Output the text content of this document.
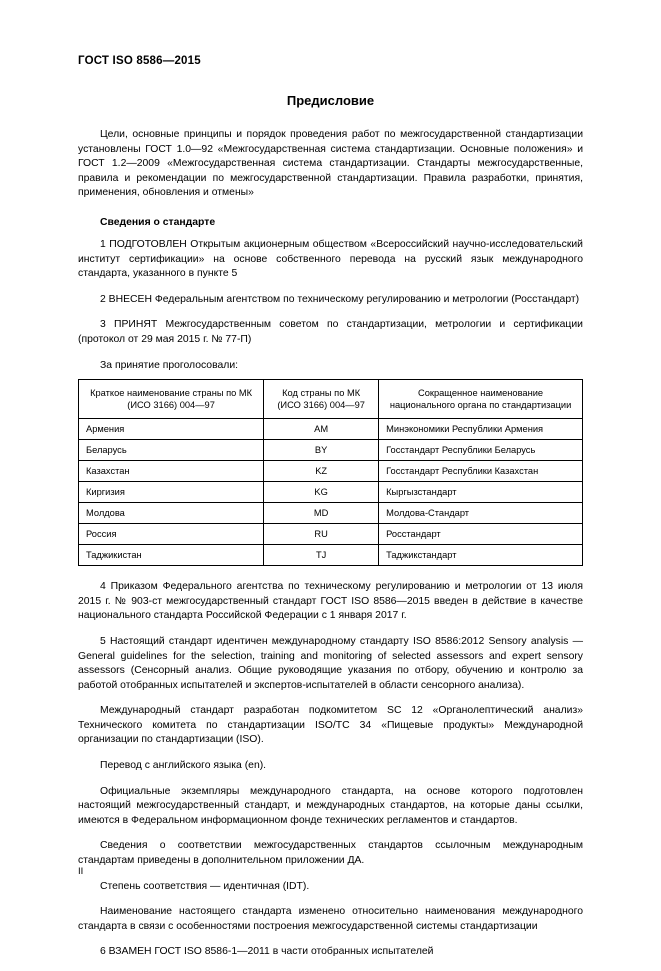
ГОСТ ISO 8586—2015
Предисловие

Цели, основные принципы и порядок проведения работ по межгосударственной стандартизации установлены ГОСТ 1.0—92 «Межгосударственная система стандартизации. Основные положения» и ГОСТ 1.2—2009 «Межгосударственная система стандартизации. Стандарты межгосударственные, правила и рекомендации по межгосударственной стандартизации. Правила разработки, принятия, применения, обновления и отмены»

Сведения о стандарте

1 ПОДГОТОВЛЕН Открытым акционерным обществом «Всероссийский научно-исследовательский институт сертификации» на основе собственного перевода на русский язык международного стандарта, указанного в пункте 5

2 ВНЕСЕН Федеральным агентством по техническому регулированию и метрологии (Росстандарт)

3 ПРИНЯТ Межгосударственным советом по стандартизации, метрологии и сертификации (протокол от 29 мая 2015 г. № 77-П)

За принятие проголосовали:
Краткое наименование страны по МК (ИСО 3166) 004—97	Код страны по МК (ИСО 3166) 004—97	Сокращенное наименование национального органа по стандартизации
Армения	AM	Минэкономики Республики Армения
Беларусь	BY	Госстандарт Республики Беларусь
Казахстан	KZ	Госстандарт Республики Казахстан
Киргизия	KG	Кыргызстандарт
Молдова	MD	Молдова-Стандарт
Россия	RU	Росстандарт
Таджикистан	TJ	Таджикстандарт

4 Приказом Федерального агентства по техническому регулированию и метрологии от 13 июля 2015 г. № 903-ст межгосударственный стандарт ГОСТ ISO 8586—2015 введен в действие в качестве национального стандарта Российской Федерации с 1 января 2017 г.

5 Настоящий стандарт идентичен международному стандарту ISO 8586:2012 Sensory analysis — General guidelines for the selection, training and monitoring of selected assessors and expert sensory assessors (Сенсорный анализ. Общие руководящие указания по отбору, обучению и контролю за работой отобранных испытателей и экспертов-испытателей в области сенсорного анализа).

Международный стандарт разработан подкомитетом SC 12 «Органолептический анализ» Технического комитета по стандартизации ISO/ТС 34 «Пищевые продукты» Международной организации по стандартизации (ISO).

Перевод с английского языка (en).

Официальные экземпляры международного стандарта, на основе которого подготовлен настоящий межгосударственный стандарт, и международных стандартов, на которые даны ссылки, имеются в Федеральном информационном фонде технических регламентов и стандартов.

Сведения о соответствии межгосударственных стандартов ссылочным международным стандартам приведены в дополнительном приложении ДА.

Степень соответствия — идентичная (IDT).

Наименование настоящего стандарта изменено относительно наименования международного стандарта в связи с особенностями построения межгосударственной системы стандартизации

6 ВЗАМЕН ГОСТ ISO 8586-1—2011 в части отобранных испытателей

II
